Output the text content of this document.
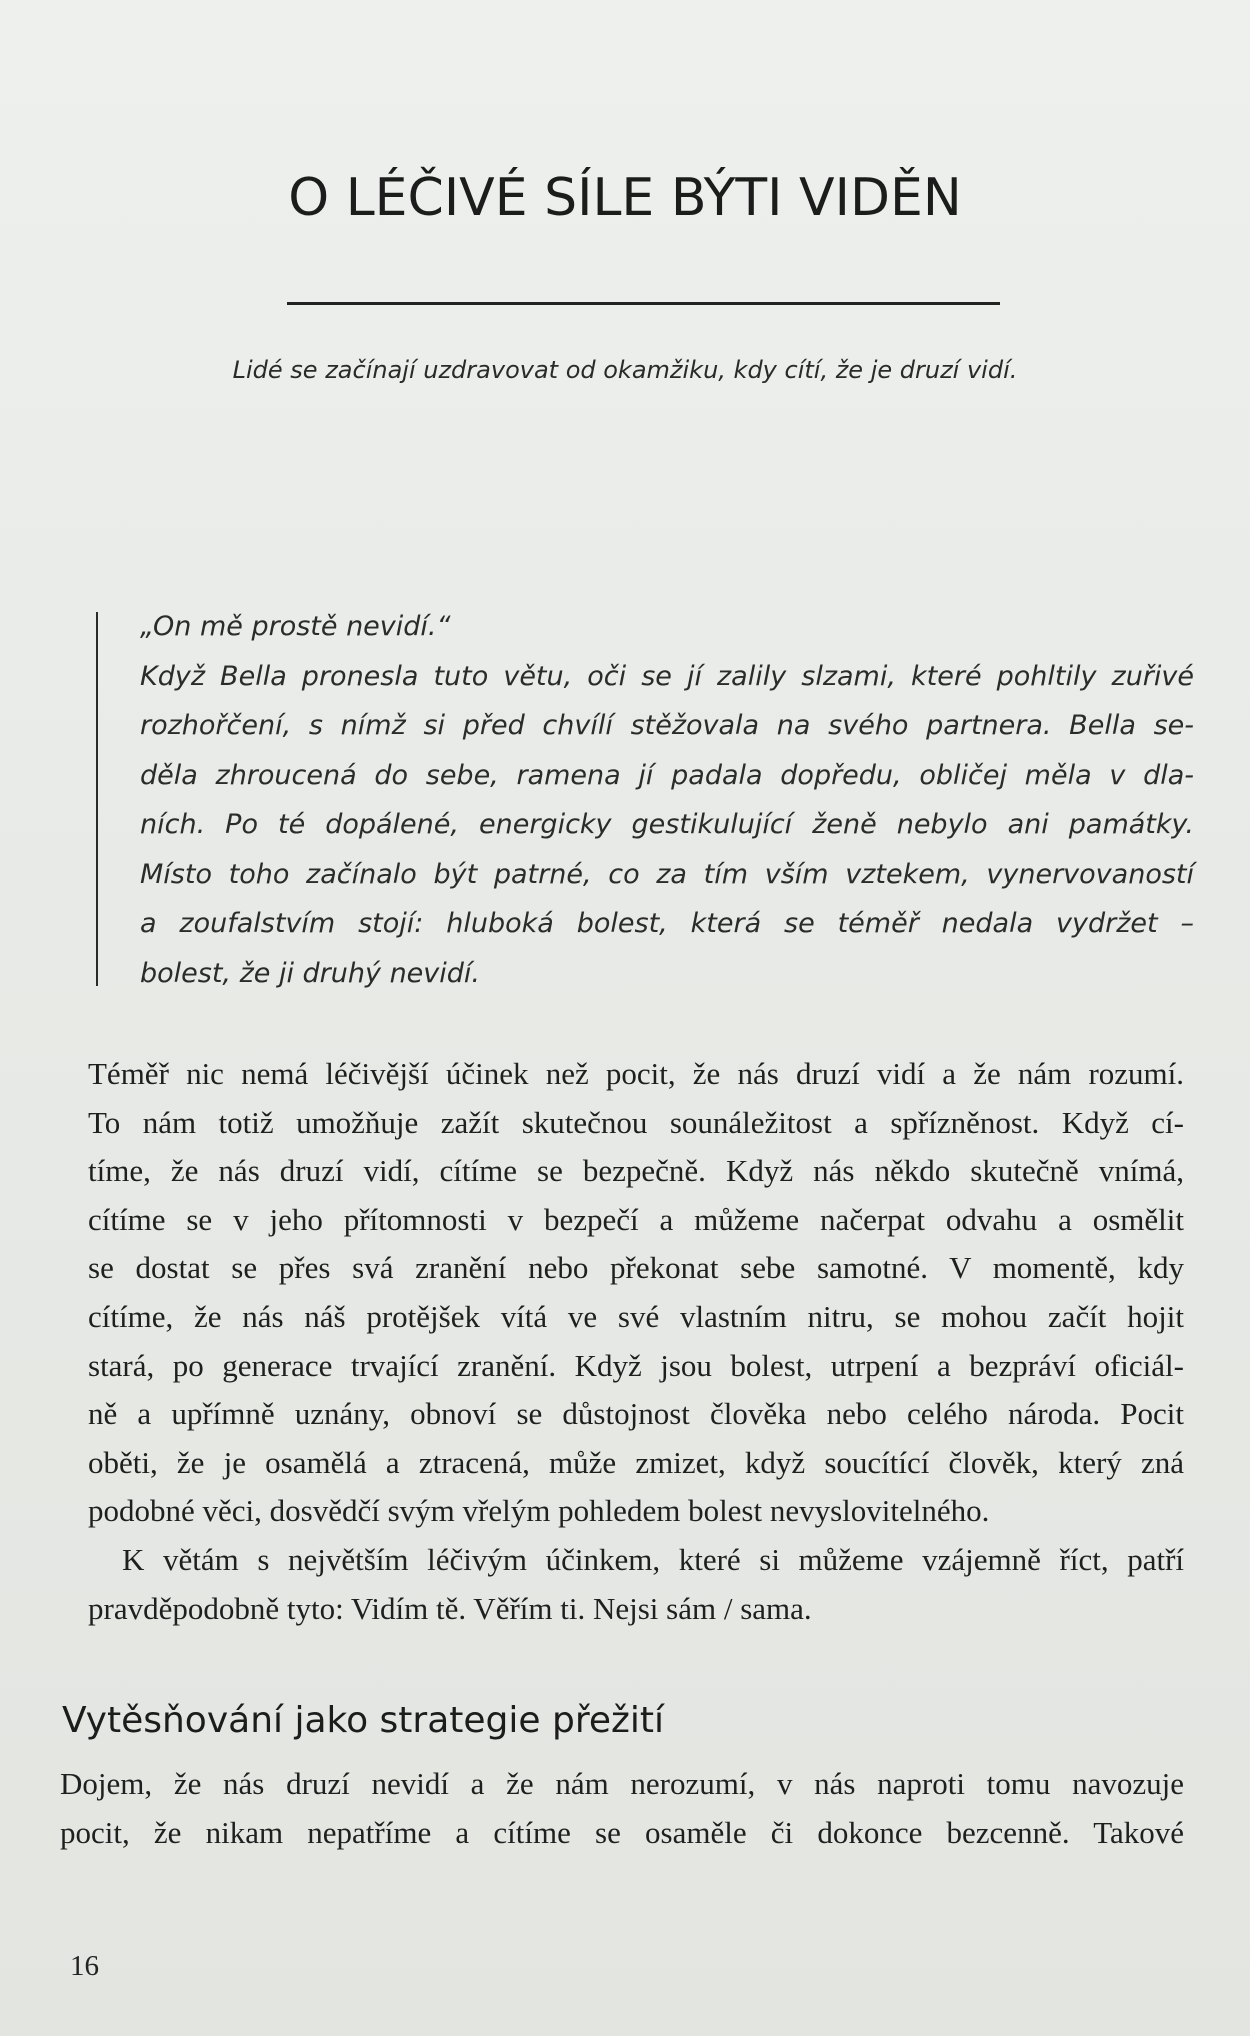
O LÉČIVÉ SÍLE BÝTI VIDĚN
Lidé se začínají uzdravovat od okamžiku, kdy cítí, že je druzí vidí.
„On mě prostě nevidí.“
Když Bella pronesla tuto větu, oči se jí zalily slzami, které pohltily zuřivé
rozhořčení, s nímž si před chvílí stěžovala na svého partnera. Bella se-
děla zhroucená do sebe, ramena jí padala dopředu, obličej měla v dla-
ních. Po té dopálené, energicky gestikulující ženě nebylo ani památky.
Místo toho začínalo být patrné, co za tím vším vztekem, vynervovaností
a zoufalstvím stojí: hluboká bolest, která se téměř nedala vydržet –
bolest, že ji druhý nevidí.
Téměř nic nemá léčivější účinek než pocit, že nás druzí vidí a že nám rozumí.
To nám totiž umožňuje zažít skutečnou sounáležitost a spřízněnost. Když cí-
tíme, že nás druzí vidí, cítíme se bezpečně. Když nás někdo skutečně vnímá,
cítíme se v jeho přítomnosti v bezpečí a můžeme načerpat odvahu a osmělit
se dostat se přes svá zranění nebo překonat sebe samotné. V momentě, kdy
cítíme, že nás náš protějšek vítá ve své vlastním nitru, se mohou začít hojit
stará, po generace trvající zranění. Když jsou bolest, utrpení a bezpráví oficiál-
ně a upřímně uznány, obnoví se důstojnost člověka nebo celého národa. Pocit
oběti, že je osamělá a ztracená, může zmizet, když soucítící člověk, který zná
podobné věci, dosvědčí svým vřelým pohledem bolest nevyslovitelného.
K větám s největším léčivým účinkem, které si můžeme vzájemně říct, patří
pravděpodobně tyto: Vidím tě. Věřím ti. Nejsi sám / sama.
Vytěsňování jako strategie přežití
Dojem, že nás druzí nevidí a že nám nerozumí, v nás naproti tomu navozuje
pocit, že nikam nepatříme a cítíme se osaměle či dokonce bezcenně. Takové
16
